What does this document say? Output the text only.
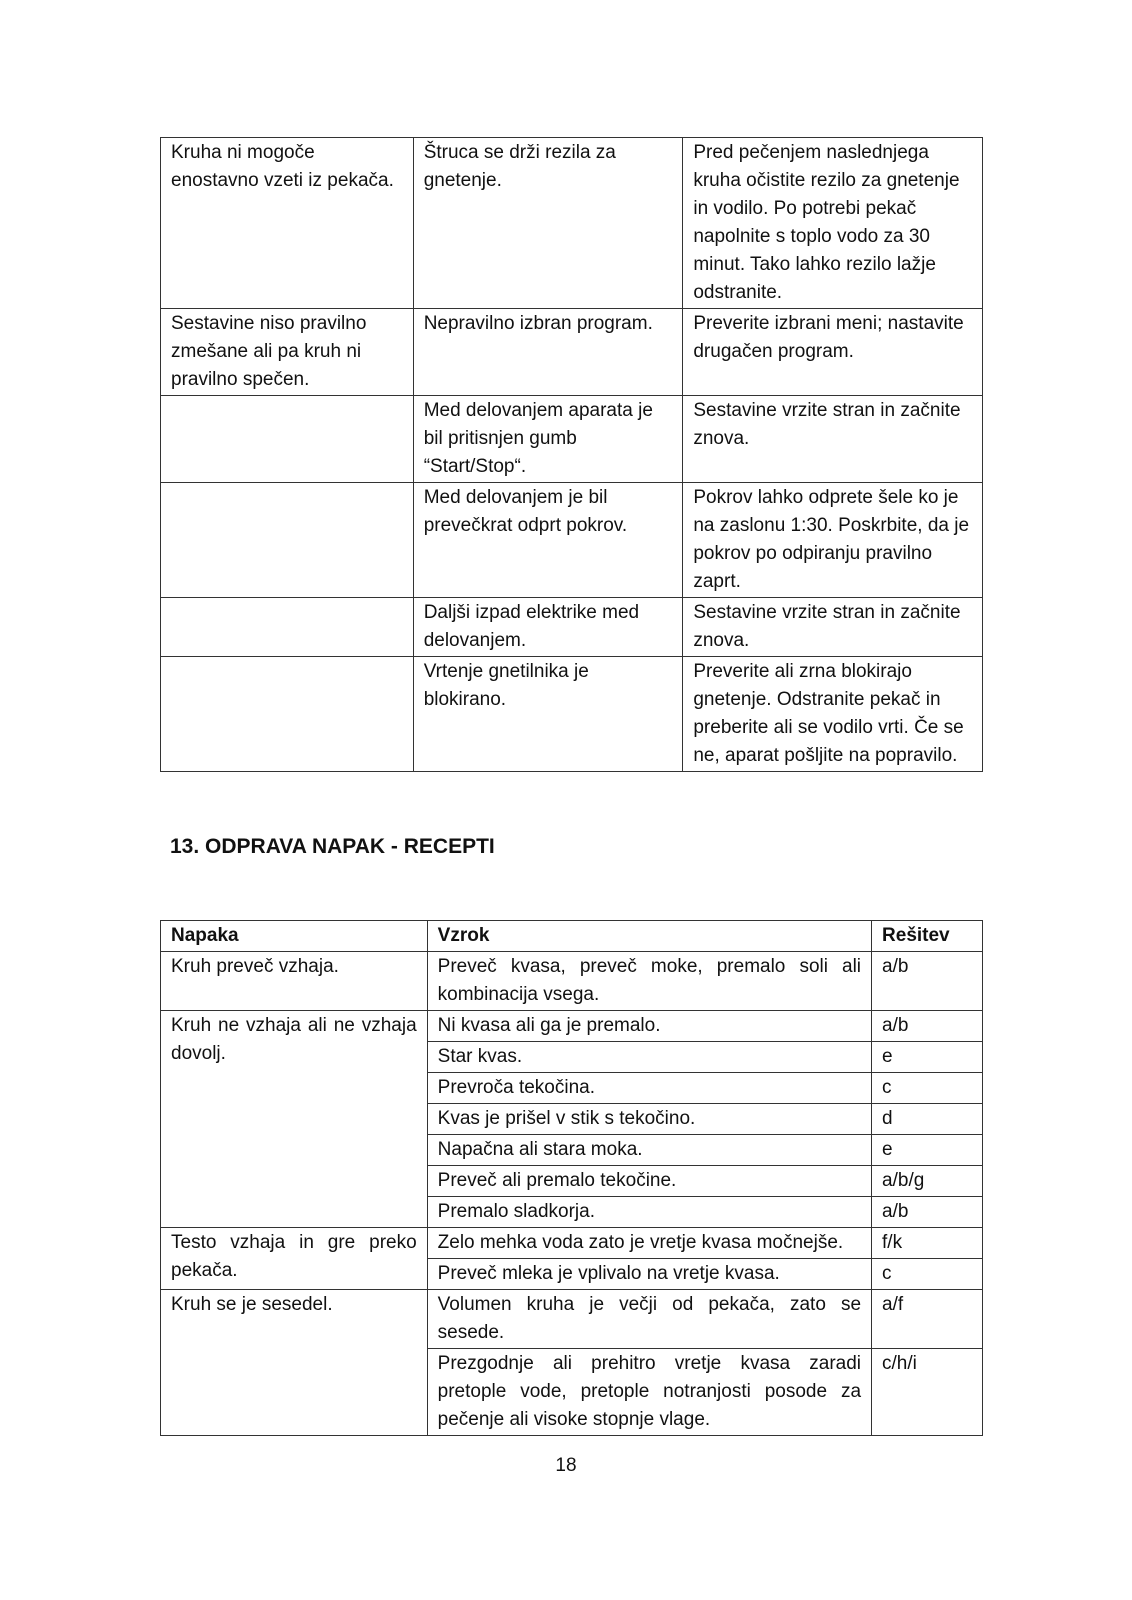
Kruha ni mogoče enostavno vzeti iz pekača.	Štruca se drži rezila za gnetenje.	Pred pečenjem naslednjega kruha očistite rezilo za gnetenje in vodilo. Po potrebi pekač napolnite s toplo vodo za 30 minut. Tako lahko rezilo lažje odstranite.
Sestavine niso pravilno zmešane ali pa kruh ni pravilno spečen.	Nepravilno izbran program.	Preverite izbrani meni; nastavite drugačen program.
	Med delovanjem aparata je bil pritisnjen gumb “Start/Stop“.	Sestavine vrzite stran in začnite znova.
	Med delovanjem je bil prevečkrat odprt pokrov.	Pokrov lahko odprete šele ko je na zaslonu 1:30. Poskrbite, da je pokrov po odpiranju pravilno zaprt.
	Daljši izpad elektrike med delovanjem.	Sestavine vrzite stran in začnite znova.
	Vrtenje gnetilnika je blokirano.	Preverite ali zrna blokirajo gnetenje. Odstranite pekač in preberite ali se vodilo vrti. Če se ne, aparat pošljite na popravilo.
13. ODPRAVA NAPAK - RECEPTI
Napaka	Vzrok	Rešitev
Kruh preveč vzhaja.	Preveč kvasa, preveč moke, premalo soli ali kombinacija vsega.	a/b
Kruh ne vzhaja ali ne vzhaja dovolj.	Ni kvasa ali ga je premalo.	a/b
	Star kvas.	e
	Prevroča tekočina.	c
	Kvas je prišel v stik s tekočino.	d
	Napačna ali stara moka.	e
	Preveč ali premalo tekočine.	a/b/g
	Premalo sladkorja.	a/b
Testo vzhaja in gre preko pekača.	Zelo mehka voda zato je vretje kvasa močnejše.	f/k
	Preveč mleka je vplivalo na vretje kvasa.	c
Kruh se je sesedel.	Volumen kruha je večji od pekača, zato se sesede.	a/f
	Prezgodnje ali prehitro vretje kvasa zaradi pretople vode, pretople notranjosti posode za pečenje ali visoke stopnje vlage.	c/h/i
18
